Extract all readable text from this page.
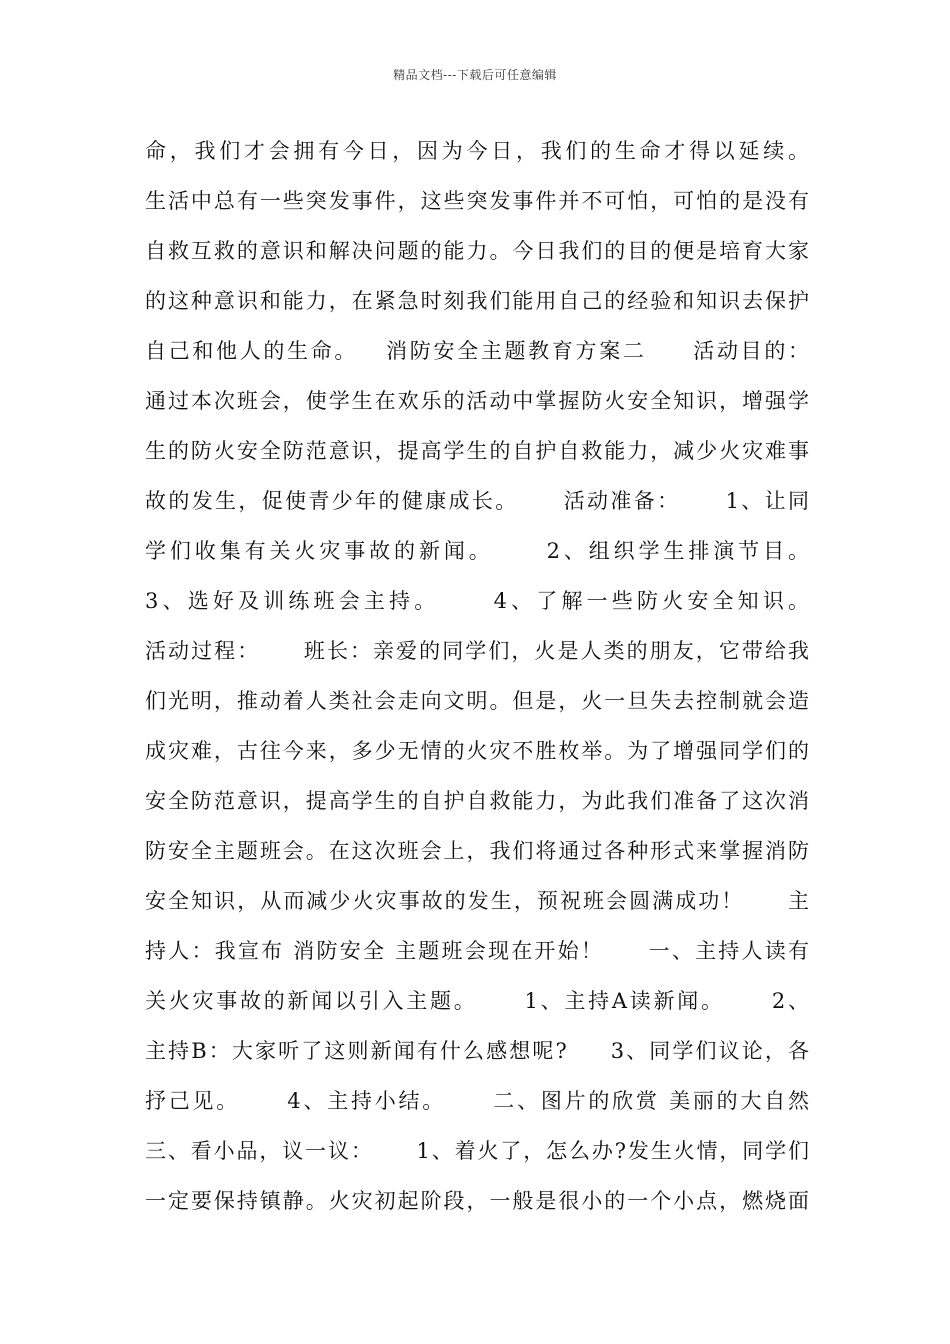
精品文档---下载后可任意编辑
命，我们才会拥有今日，因为今日，我们的生命才得以延续。
生活中总有一些突发事件，这些突发事件并不可怕，可怕的是没有
自救互救的意识和解决问题的能力。今日我们的目的便是培育大家
的这种意识和能力，在紧急时刻我们能用自己的经验和知识去保护
自己和他人的生命。   消防安全主题教育方案二     活动目的：
通过本次班会，使学生在欢乐的活动中掌握防火安全知识，增强学
生的防火安全防范意识，提高学生的自护自救能力，减少火灾难事
故的发生，促使青少年的健康成长。     活动准备：     1、让同
学们收集有关火灾事故的新闻。     2、组织学生排演节目。
3、选好及训练班会主持。     4、了解一些防火安全知识。
活动过程：     班长：亲爱的同学们，火是人类的朋友，它带给我
们光明，推动着人类社会走向文明。但是，火一旦失去控制就会造
成灾难，古往今来，多少无情的火灾不胜枚举。为了增强同学们的
安全防范意识，提高学生的自护自救能力，为此我们准备了这次消
防安全主题班会。在这次班会上，我们将通过各种形式来掌握消防
安全知识，从而减少火灾事故的发生，预祝班会圆满成功！     主
持人：我宣布 消防安全 主题班会现在开始！     一、主持人读有
关火灾事故的新闻以引入主题。     1、主持A读新闻。     2、
主持B：大家听了这则新闻有什么感想呢?     3、同学们议论，各
抒己见。     4、主持小结。     二、图片的欣赏 美丽的大自然
三、看小品，议一议：     1、着火了，怎么办?发生火情，同学们
一定要保持镇静。火灾初起阶段，一般是很小的一个小点，燃烧面
